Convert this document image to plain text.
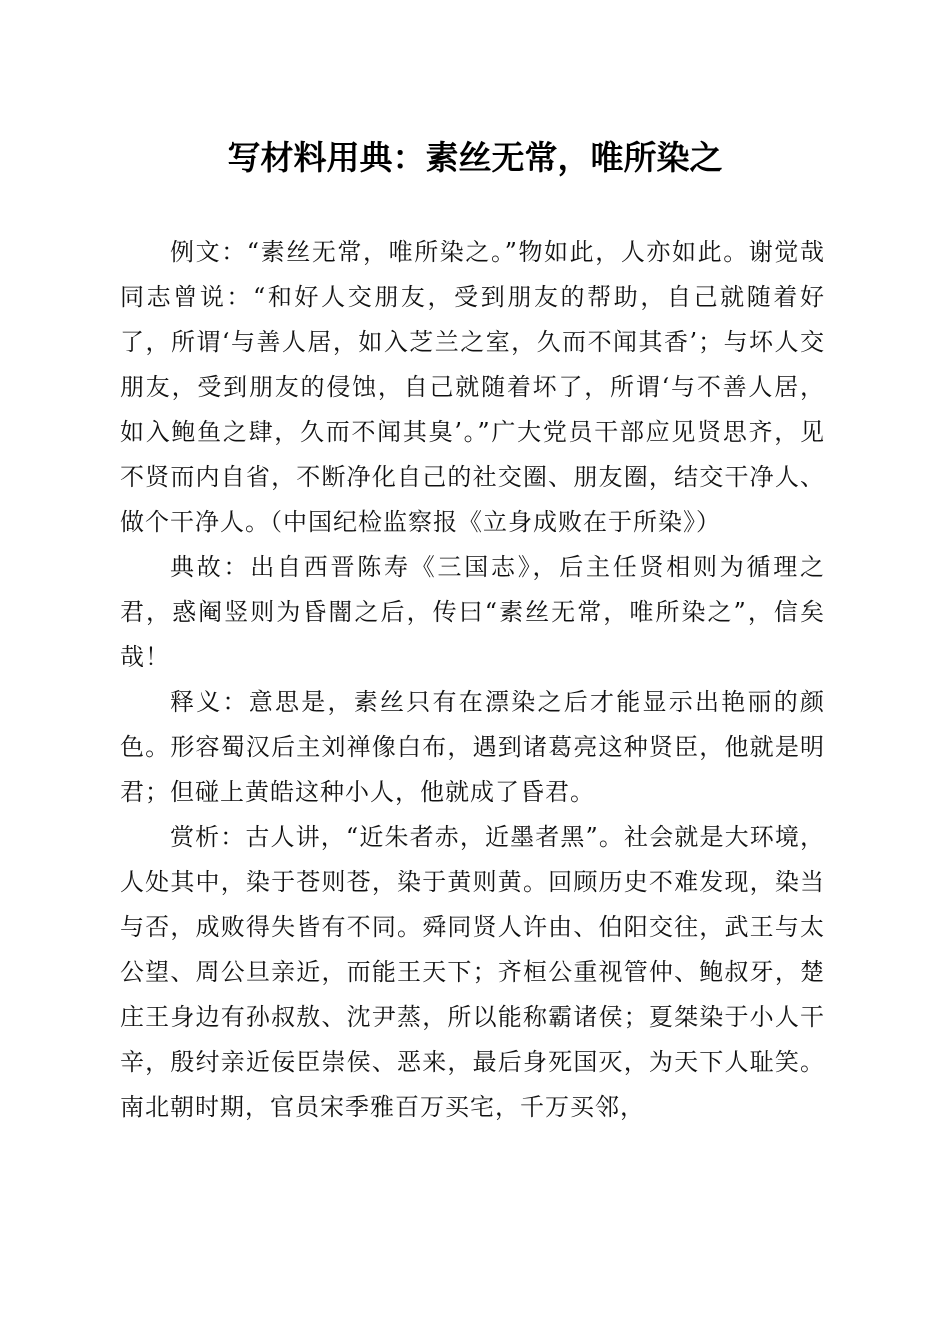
写材料用典：素丝无常，唯所染之

例文：“素丝无常，唯所染之。”物如此，人亦如此。谢觉哉同志曾说：“和好人交朋友，受到朋友的帮助，自己就随着好了，所谓‘与善人居，如入芝兰之室，久而不闻其香’；与坏人交朋友，受到朋友的侵蚀，自己就随着坏了，所谓‘与不善人居，如入鲍鱼之肆，久而不闻其臭’。”广大党员干部应见贤思齐，见不贤而内自省，不断净化自己的社交圈、朋友圈，结交干净人、做个干净人。（中国纪检监察报《立身成败在于所染》）

典故：出自西晋陈寿《三国志》，后主任贤相则为循理之君，惑阉竖则为昏闇之后，传曰“素丝无常，唯所染之”，信矣哉！

释义：意思是，素丝只有在漂染之后才能显示出艳丽的颜色。形容蜀汉后主刘禅像白布，遇到诸葛亮这种贤臣，他就是明君；但碰上黄皓这种小人，他就成了昏君。

赏析：古人讲，“近朱者赤，近墨者黑”。社会就是大环境，人处其中，染于苍则苍，染于黄则黄。回顾历史不难发现，染当与否，成败得失皆有不同。舜同贤人许由、伯阳交往，武王与太公望、周公旦亲近，而能王天下；齐桓公重视管仲、鲍叔牙，楚庄王身边有孙叔敖、沈尹蒸，所以能称霸诸侯；夏桀染于小人干辛，殷纣亲近佞臣崇侯、恶来，最后身死国灭，为天下人耻笑。南北朝时期，官员宋季雅百万买宅，千万买邻，
